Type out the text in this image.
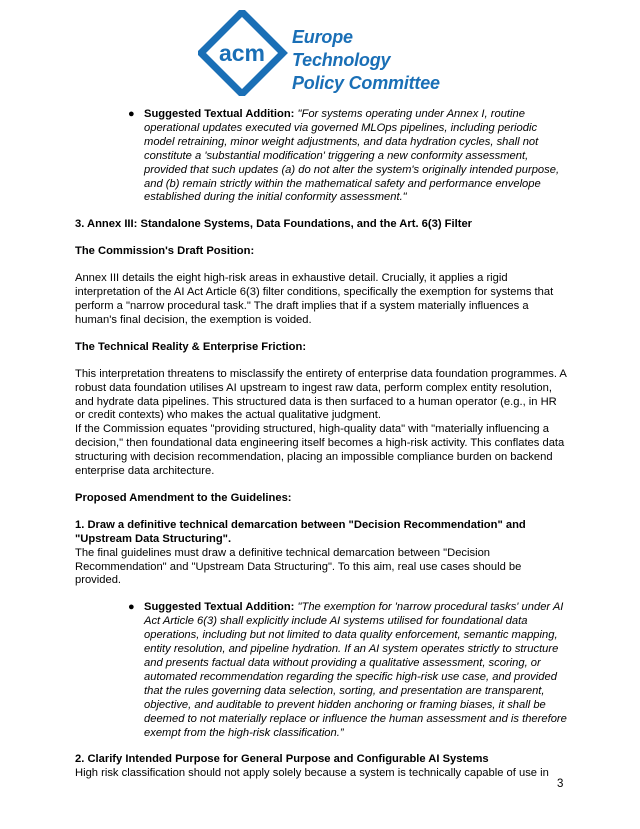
acm
Europe Technology
Policy Committee
● Suggested Textual Addition: "For systems operating under Annex I, routine operational updates executed via governed MLOps pipelines, including periodic model retraining, minor weight adjustments, and data hydration cycles, shall not constitute a 'substantial modification' triggering a new conformity assessment, provided that such updates (a) do not alter the system's originally intended purpose, and (b) remain strictly within the mathematical safety and performance envelope established during the initial conformity assessment."

3. Annex III: Standalone Systems, Data Foundations, and the Art. 6(3) Filter

The Commission's Draft Position:

Annex III details the eight high-risk areas in exhaustive detail. Crucially, it applies a rigid interpretation of the AI Act Article 6(3) filter conditions, specifically the exemption for systems that perform a "narrow procedural task." The draft implies that if a system materially influences a human's final decision, the exemption is voided.

The Technical Reality & Enterprise Friction:

This interpretation threatens to misclassify the entirety of enterprise data foundation programmes. A robust data foundation utilises AI upstream to ingest raw data, perform complex entity resolution, and hydrate data pipelines. This structured data is then surfaced to a human operator (e.g., in HR or credit contexts) who makes the actual qualitative judgment.

If the Commission equates "providing structured, high-quality data" with "materially influencing a decision," then foundational data engineering itself becomes a high-risk activity. This conflates data structuring with decision recommendation, placing an impossible compliance burden on backend enterprise data architecture.

Proposed Amendment to the Guidelines:

1. Draw a definitive technical demarcation between "Decision Recommendation" and "Upstream Data Structuring".

The final guidelines must draw a definitive technical demarcation between "Decision Recommendation" and "Upstream Data Structuring". To this aim, real use cases should be provided.

● Suggested Textual Addition: "The exemption for 'narrow procedural tasks' under AI Act Article 6(3) shall explicitly include AI systems utilised for foundational data operations, including but not limited to data quality enforcement, semantic mapping, entity resolution, and pipeline hydration. If an AI system operates strictly to structure and presents factual data without providing a qualitative assessment, scoring, or automated recommendation regarding the specific high-risk use case, and provided that the rules governing data selection, sorting, and presentation are transparent, objective, and auditable to prevent hidden anchoring or framing biases, it shall be deemed to not materially replace or influence the human assessment and is therefore exempt from the high-risk classification.”

2. Clarify Intended Purpose for General Purpose and Configurable AI Systems

High risk classification should not apply solely because a system is technically capable of use in

3
